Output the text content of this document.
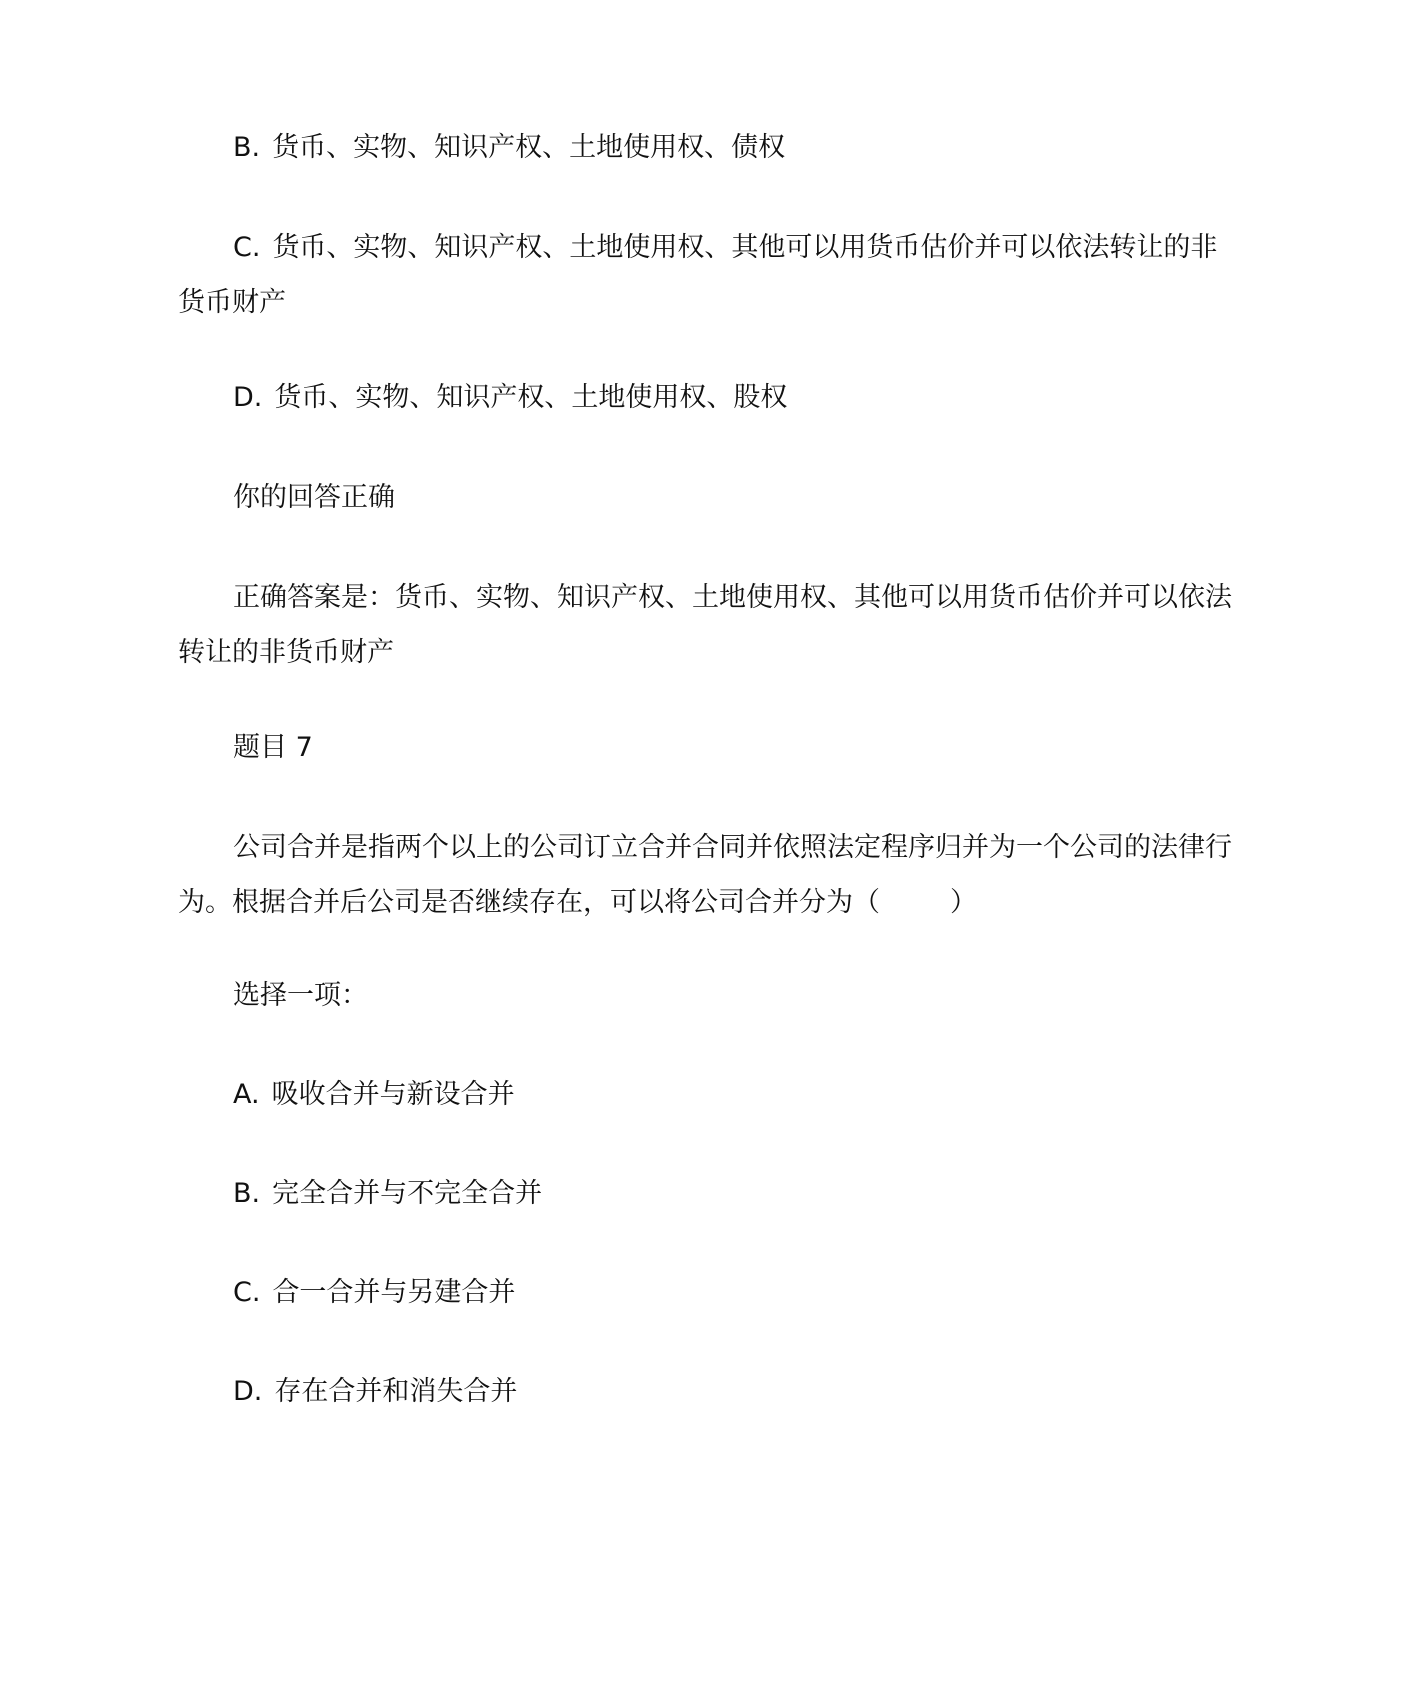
B. 货币、实物、知识产权、土地使用权、债权
C. 货币、实物、知识产权、土地使用权、其他可以用货币估价并可以依法转让的非货币财产
D. 货币、实物、知识产权、土地使用权、股权
你的回答正确
正确答案是：货币、实物、知识产权、土地使用权、其他可以用货币估价并可以依法转让的非货币财产
题目 7
公司合并是指两个以上的公司订立合并合同并依照法定程序归并为一个公司的法律行为。根据合并后公司是否继续存在，可以将公司合并分为（	）
选择一项：
A. 吸收合并与新设合并
B. 完全合并与不完全合并
C. 合一合并与另建合并
D. 存在合并和消失合并
